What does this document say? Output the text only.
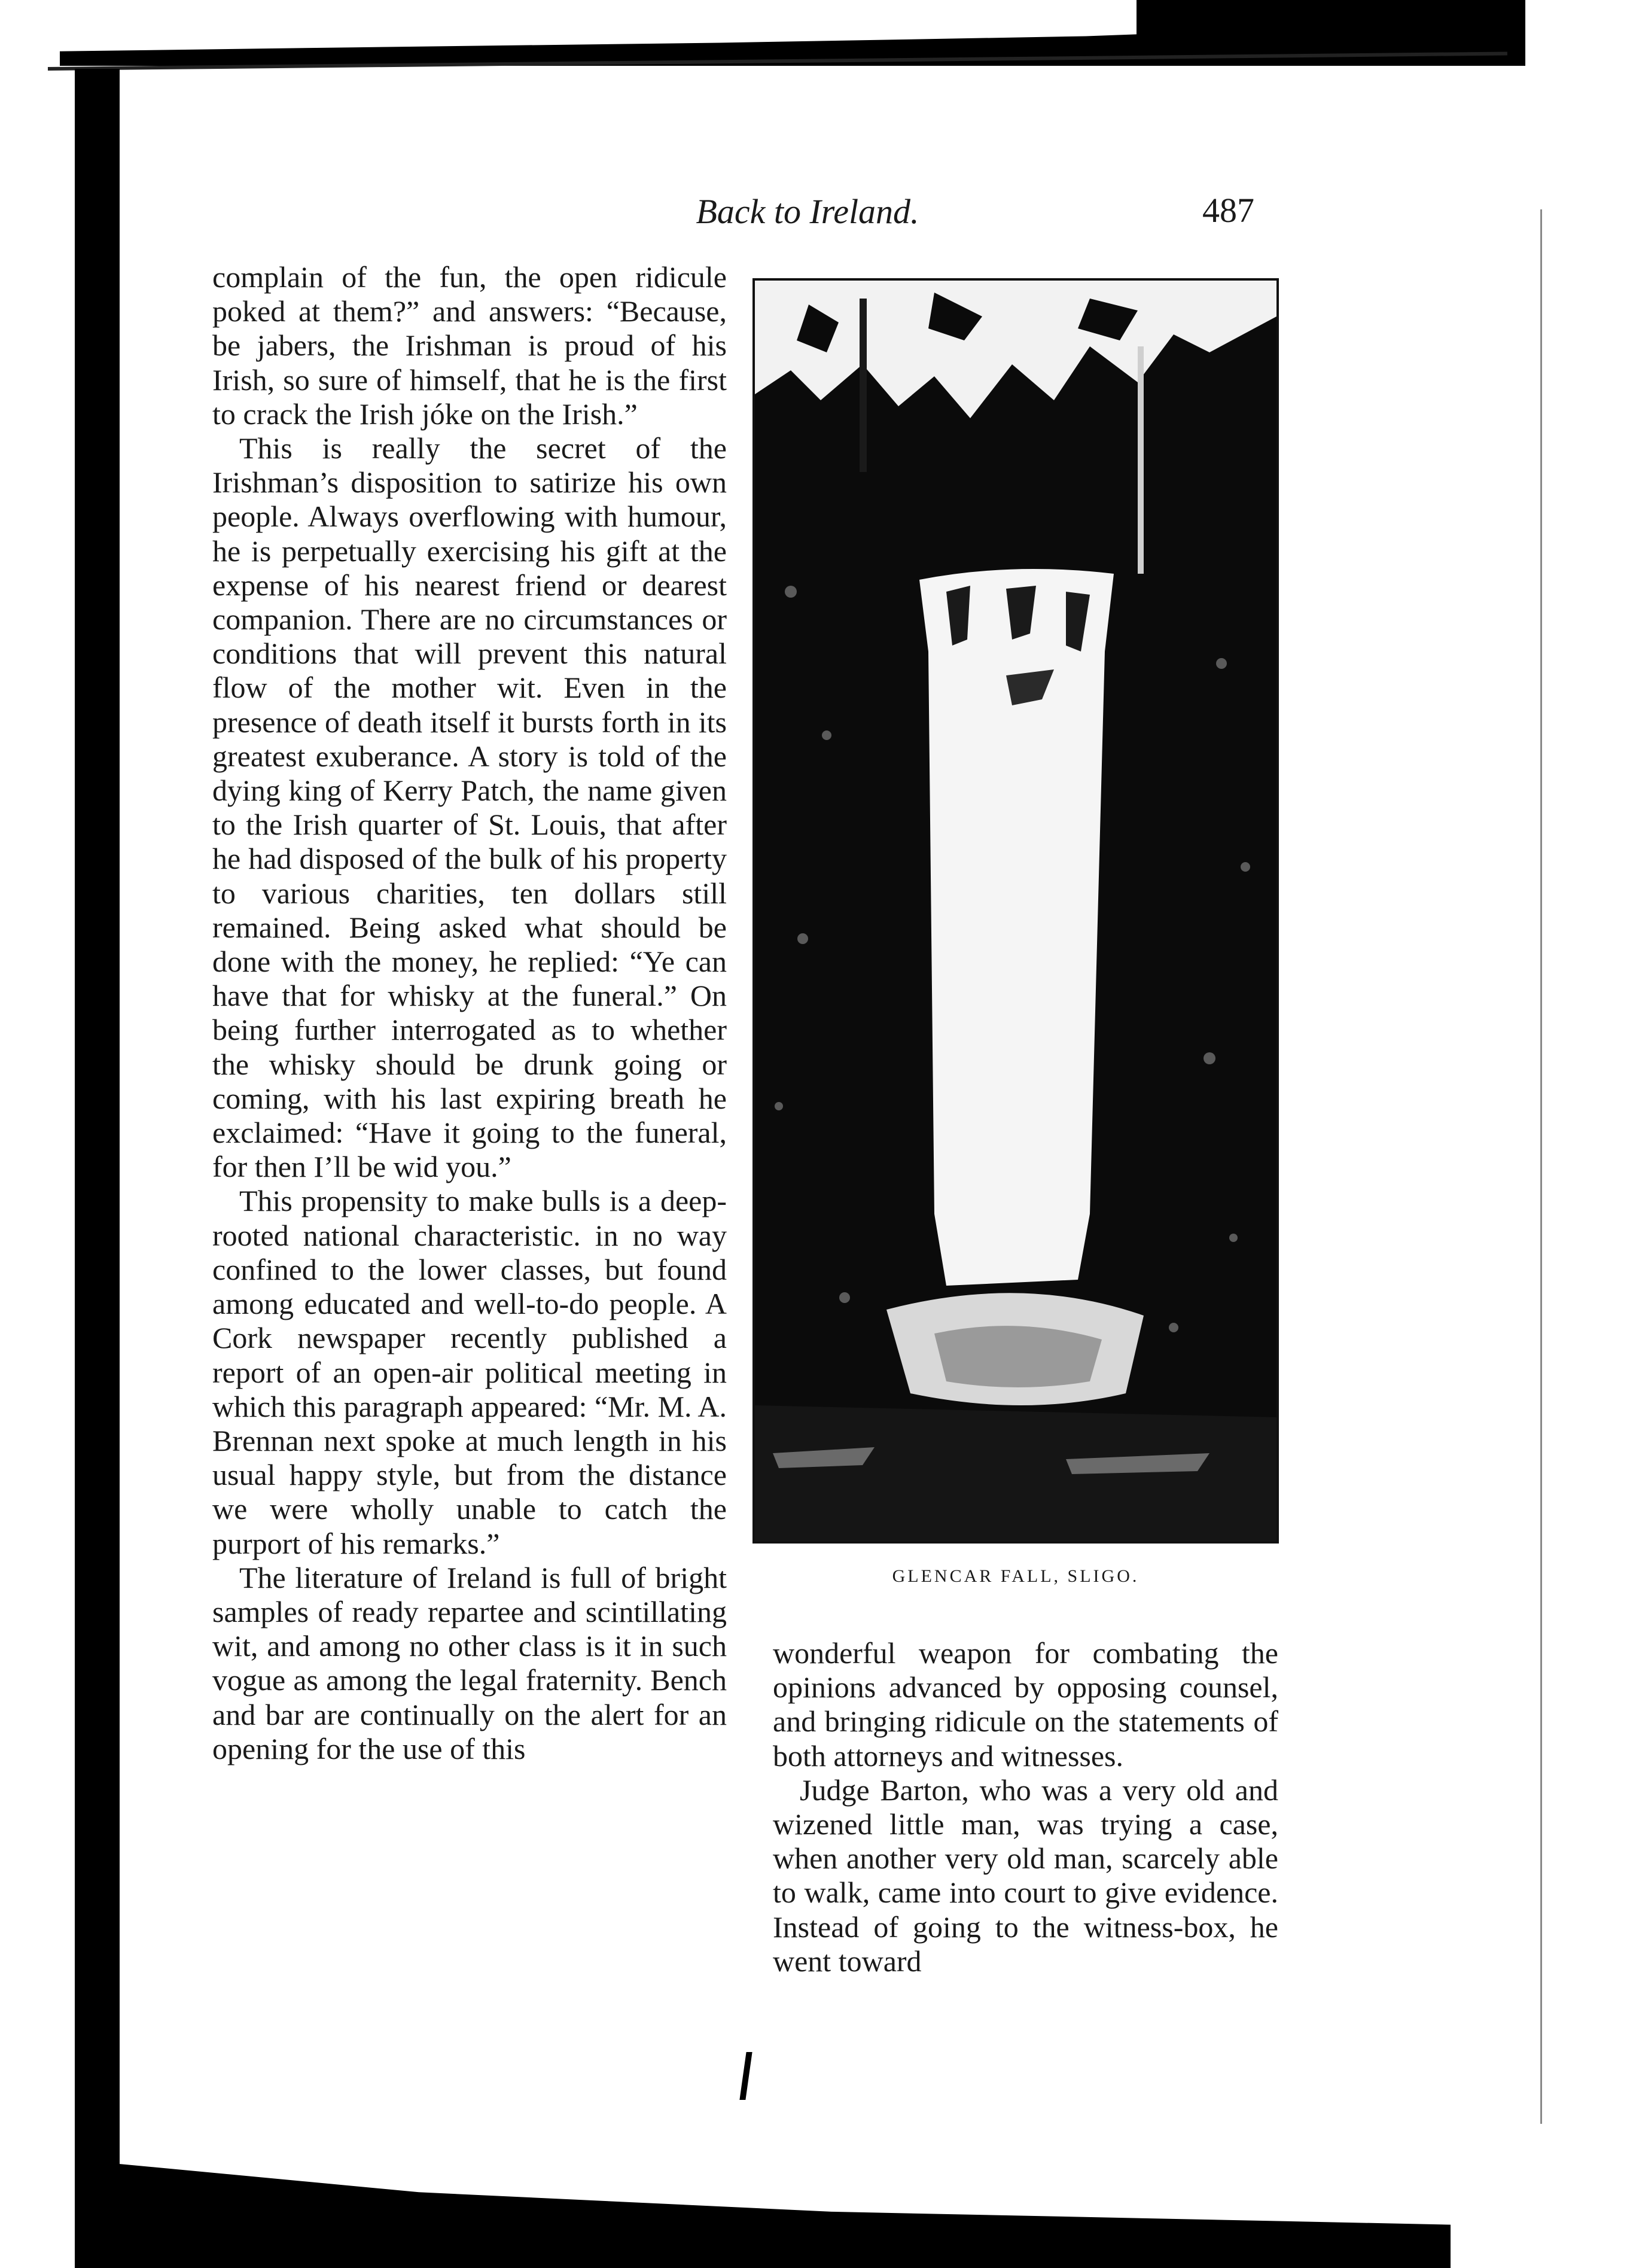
Back to Ireland.	487

complain of the fun, the open ridicule poked at them?” and answers: “Because, be jabers, the Irishman is proud of his Irish, so sure of himself, that he is the first to crack the Irish jóke on the Irish.”

This is really the secret of the Irishman’s disposition to satirize his own people. Always overflowing with humour, he is perpetually exercising his gift at the expense of his nearest friend or dearest companion. There are no circumstances or conditions that will prevent this natural flow of the mother wit. Even in the presence of death itself it bursts forth in its greatest exuberance. A story is told of the dying king of Kerry Patch, the name given to the Irish quarter of St. Louis, that after he had disposed of the bulk of his property to various charities, ten dollars still remained. Being asked what should be done with the money, he replied: “Ye can have that for whisky at the funeral.” On being further interrogated as to whether the whisky should be drunk going or coming, with his last expiring breath he exclaimed: “Have it going to the funeral, for then I’ll be wid you.”

This propensity to make bulls is a deep-rooted national characteristic. in no way confined to the lower classes, but found among educated and well-to-do people. A Cork newspaper recently published a report of an open-air political meeting in which this paragraph appeared: “Mr. M. A. Brennan next spoke at much length in his usual happy style, but from the distance we were wholly unable to catch the purport of his remarks.”

The literature of Ireland is full of bright samples of ready repartee and scintillating wit, and among no other class is it in such vogue as among the legal fraternity. Bench and bar are continually on the alert for an opening for the use of this

GLENCAR FALL, SLIGO.

wonderful weapon for combating the opinions advanced by opposing counsel, and bringing ridicule on the statements of both attorneys and witnesses.

Judge Barton, who was a very old and wizened little man, was trying a case, when another very old man, scarcely able to walk, came into court to give evidence. Instead of going to the witness-box, he went toward
